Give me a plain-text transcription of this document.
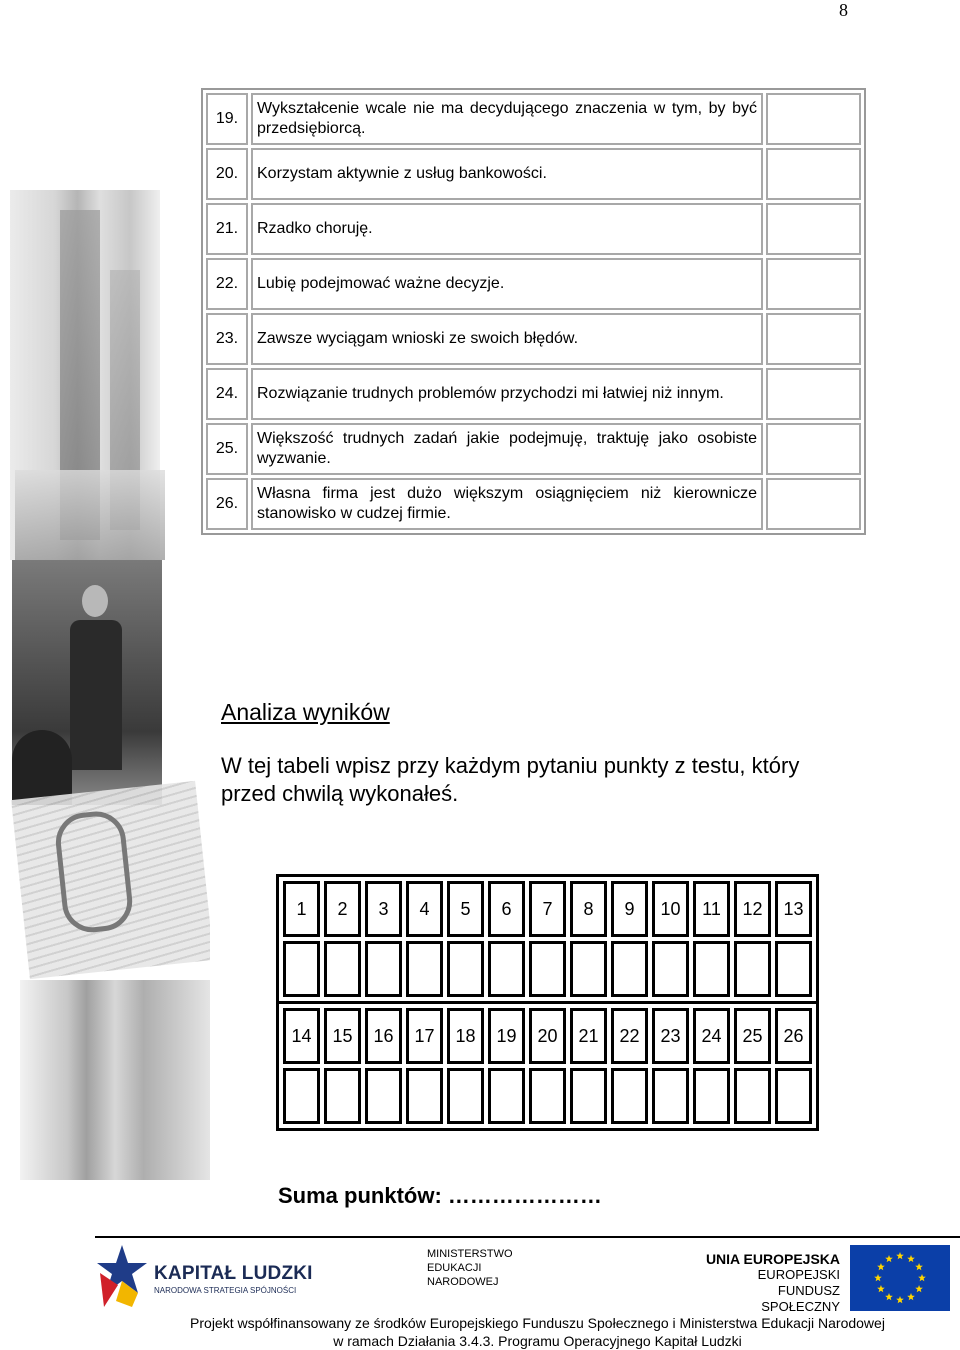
8
19.	Wykształcenie wcale nie ma decydującego znaczenia w tym, by być przedsiębiorcą.	
20.	Korzystam aktywnie z usług bankowości.	
21.	Rzadko choruję.	
22.	Lubię podejmować ważne decyzje.	
23.	Zawsze wyciągam wnioski ze swoich błędów.	
24.	Rozwiązanie trudnych problemów przychodzi mi łatwiej niż innym.	
25.	Większość trudnych zadań jakie podejmuję, traktuję jako osobiste wyzwanie.	
26.	Własna firma jest dużo większym osiągnięciem niż kierownicze stanowisko w cudzej firmie.	
Analiza wyników

W tej tabeli wpisz przy każdym pytaniu punkty z testu, który przed chwilą wykonałeś.

1	2	3	4	5	6	7	8	9	10	11	12	13

14	15	16	17	18	19	20	21	22	23	24	25	26

Suma punktów: …………………
KAPITAŁ LUDZKI
NARODOWA STRATEGIA SPÓJNOŚCI
MINISTERSTWO
EDUKACJI
NARODOWEJ
UNIA EUROPEJSKA
EUROPEJSKI
FUNDUSZ SPOŁECZNY
Projekt współfinansowany ze środków Europejskiego Funduszu Społecznego i Ministerstwa Edukacji Narodowej
w ramach Działania 3.4.3. Programu Operacyjnego Kapitał Ludzki
